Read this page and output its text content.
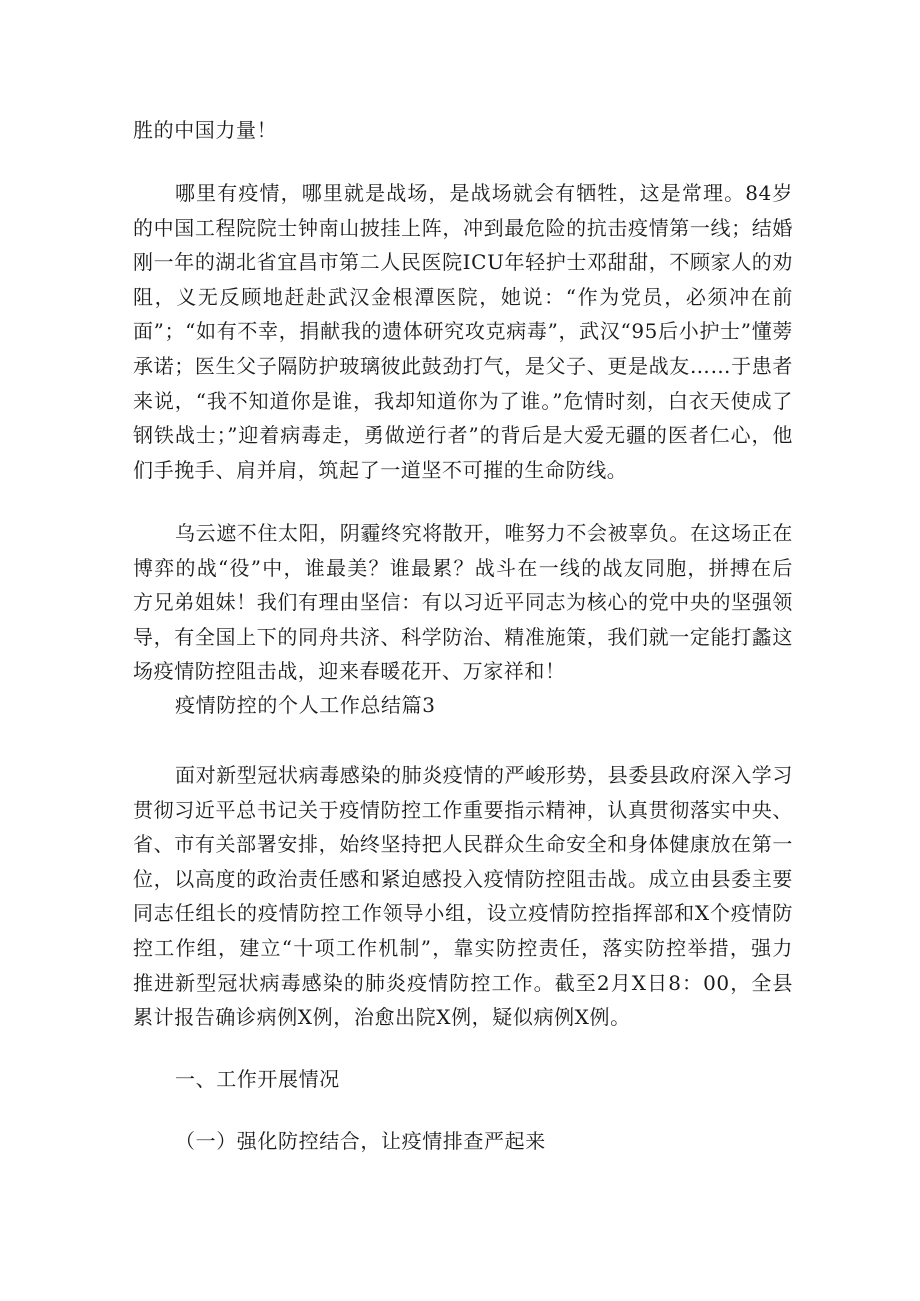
胜的中国力量！

哪里有疫情，哪里就是战场，是战场就会有牺牲，这是常理。84岁的中国工程院院士钟南山披挂上阵，冲到最危险的抗击疫情第一线；结婚刚一年的湖北省宜昌市第二人民医院ICU年轻护士邓甜甜，不顾家人的劝阻，义无反顾地赶赴武汉金根潭医院，她说：“作为党员，必须冲在前面”；“如有不幸，捐献我的遗体研究攻克病毒”，武汉“95后小护士”懂蒡承诺；医生父子隔防护玻璃彼此鼓劲打气，是父子、更是战友……于患者来说，“我不知道你是谁，我却知道你为了谁。”危情时刻，白衣天使成了钢铁战士；”迎着病毒走，勇做逆行者”的背后是大爱无疆的医者仁心，他们手挽手、肩并肩，筑起了一道坚不可摧的生命防线。

乌云遮不住太阳，阴霾终究将散开，唯努力不会被辜负。在这场正在博弈的战“役”中，谁最美？谁最累？战斗在一线的战友同胞，拼搏在后方兄弟姐妹！我们有理由坚信：有以习近平同志为核心的党中央的坚强领导，有全国上下的同舟共济、科学防治、精准施策，我们就一定能打蠡这场疫情防控阻击战，迎来春暖花开、万家祥和！

疫情防控的个人工作总结篇3

面对新型冠状病毒感染的肺炎疫情的严峻形势，县委县政府深入学习贯彻习近平总书记关于疫情防控工作重要指示精神，认真贯彻落实中央、省、市有关部署安排，始终坚持把人民群众生命安全和身体健康放在第一位，以高度的政治责任感和紧迫感投入疫情防控阻击战。成立由县委主要同志任组长的疫情防控工作领导小组，设立疫情防控指挥部和X个疫情防控工作组，建立“十项工作机制”，靠实防控责任，落实防控举措，强力推进新型冠状病毒感染的肺炎疫情防控工作。截至2月X日8：00，全县累计报告确诊病例X例，治愈出院X例，疑似病例X例。

一、工作开展情况

（一）强化防控结合，让疫情排查严起来
